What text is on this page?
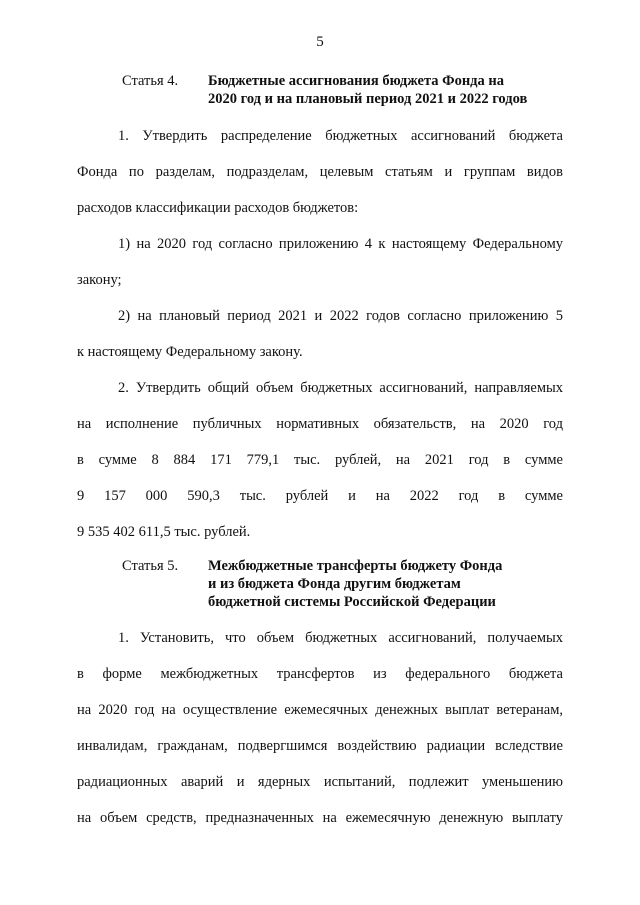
5
Статья 4. Бюджетные ассигнования бюджета Фонда на
2020 год и на плановый период 2021 и 2022 годов
1. Утвердить распределение бюджетных ассигнований бюджета
Фонда по разделам, подразделам, целевым статьям и группам видов
расходов классификации расходов бюджетов:
1) на 2020 год согласно приложению 4 к настоящему Федеральному
закону;
2) на плановый период 2021 и 2022 годов согласно приложению 5
к настоящему Федеральному закону.
2. Утвердить общий объем бюджетных ассигнований, направляемых
на исполнение публичных нормативных обязательств, на 2020 год
в сумме 8 884 171 779,1 тыс. рублей, на 2021 год в сумме
9 157 000 590,3 тыс. рублей и на 2022 год в сумме
9 535 402 611,5 тыс. рублей.
Статья 5. Межбюджетные трансферты бюджету Фонда
и из бюджета Фонда другим бюджетам
бюджетной системы Российской Федерации
1. Установить, что объем бюджетных ассигнований, получаемых
в форме межбюджетных трансфертов из федерального бюджета
на 2020 год на осуществление ежемесячных денежных выплат ветеранам,
инвалидам, гражданам, подвергшимся воздействию радиации вследствие
радиационных аварий и ядерных испытаний, подлежит уменьшению
на объем средств, предназначенных на ежемесячную денежную выплату
